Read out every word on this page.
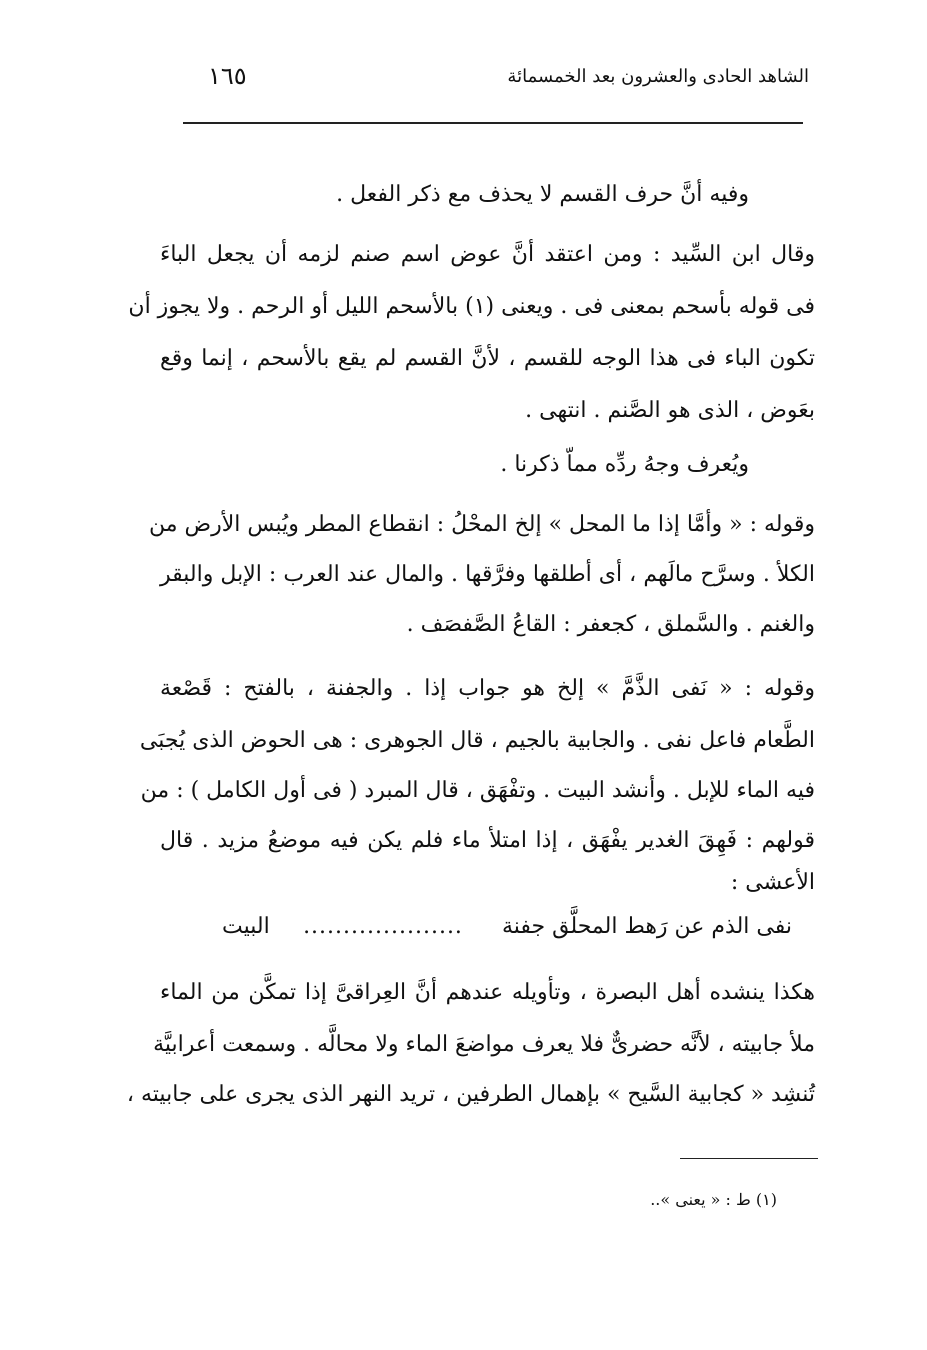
الشاهد الحادى والعشرون بعد الخمسمائة
١٦٥
وفيه أنَّ حرف القسم لا يحذف مع ذكر الفعل .
وقال ابن السِّيد : ومن اعتقد أنَّ عوض اسم صنم لزمه أن يجعل الباءَ
فى قوله بأسحم بمعنى فى . ويعنى (١) بالأسحم الليل أو الرحم . ولا يجوز أن
تكون الباء فى هذا الوجه للقسم ، لأنَّ القسم لم يقع بالأسحم ، إنما وقع
بعَوض ، الذى هو الصَّنم . انتهى .
ويُعرف وجهُ ردِّه مماّ ذكرنا .
وقوله : « وأمَّا إذا ما المحل » إلخ المحْلُ : انقطاع المطر ويُبس الأرض من
الكلأ . وسرَّح مالَهم ، أى أطلقها وفرَّقها . والمال عند العرب : الإبل والبقر
والغنم . والسَّملق ، كجعفر : القاعُ الصَّفصَف .
وقوله : « نَفى الذَّمَّ » إلخ هو جواب إذا . والجفنة ، بالفتح : قَصْعة
الطَّعام فاعل نفى . والجابية بالجيم ، قال الجوهرى : هى الحوض الذى يُجبَى
فيه الماء للإبل . وأنشد البيت . وتفْهَق ، قال المبرد ( فى أول الكامل ) : من
قولهم : فَهِقَ الغدير يفْهَق ، إذا امتلأ ماء فلم يكن فيه موضعُ مزيد . قال
الأعشى :
نفى الذم عن رَهط المحلَّق جفنة
....................
البيت
هكذا ينشده أهل البصرة ، وتأويله عندهم أنَّ العِراقىَّ إذا تمكَّن من الماء
ملأ جابيته ، لأنَّه حضرىٌّ فلا يعرف مواضعَ الماء ولا محالَّه . وسمعت أعرابيَّة
تُنشِد « كجابية السَّيح » بإهمال الطرفين ، تريد النهر الذى يجرى على جابيته ،
(١) ط : « يعنى »..
